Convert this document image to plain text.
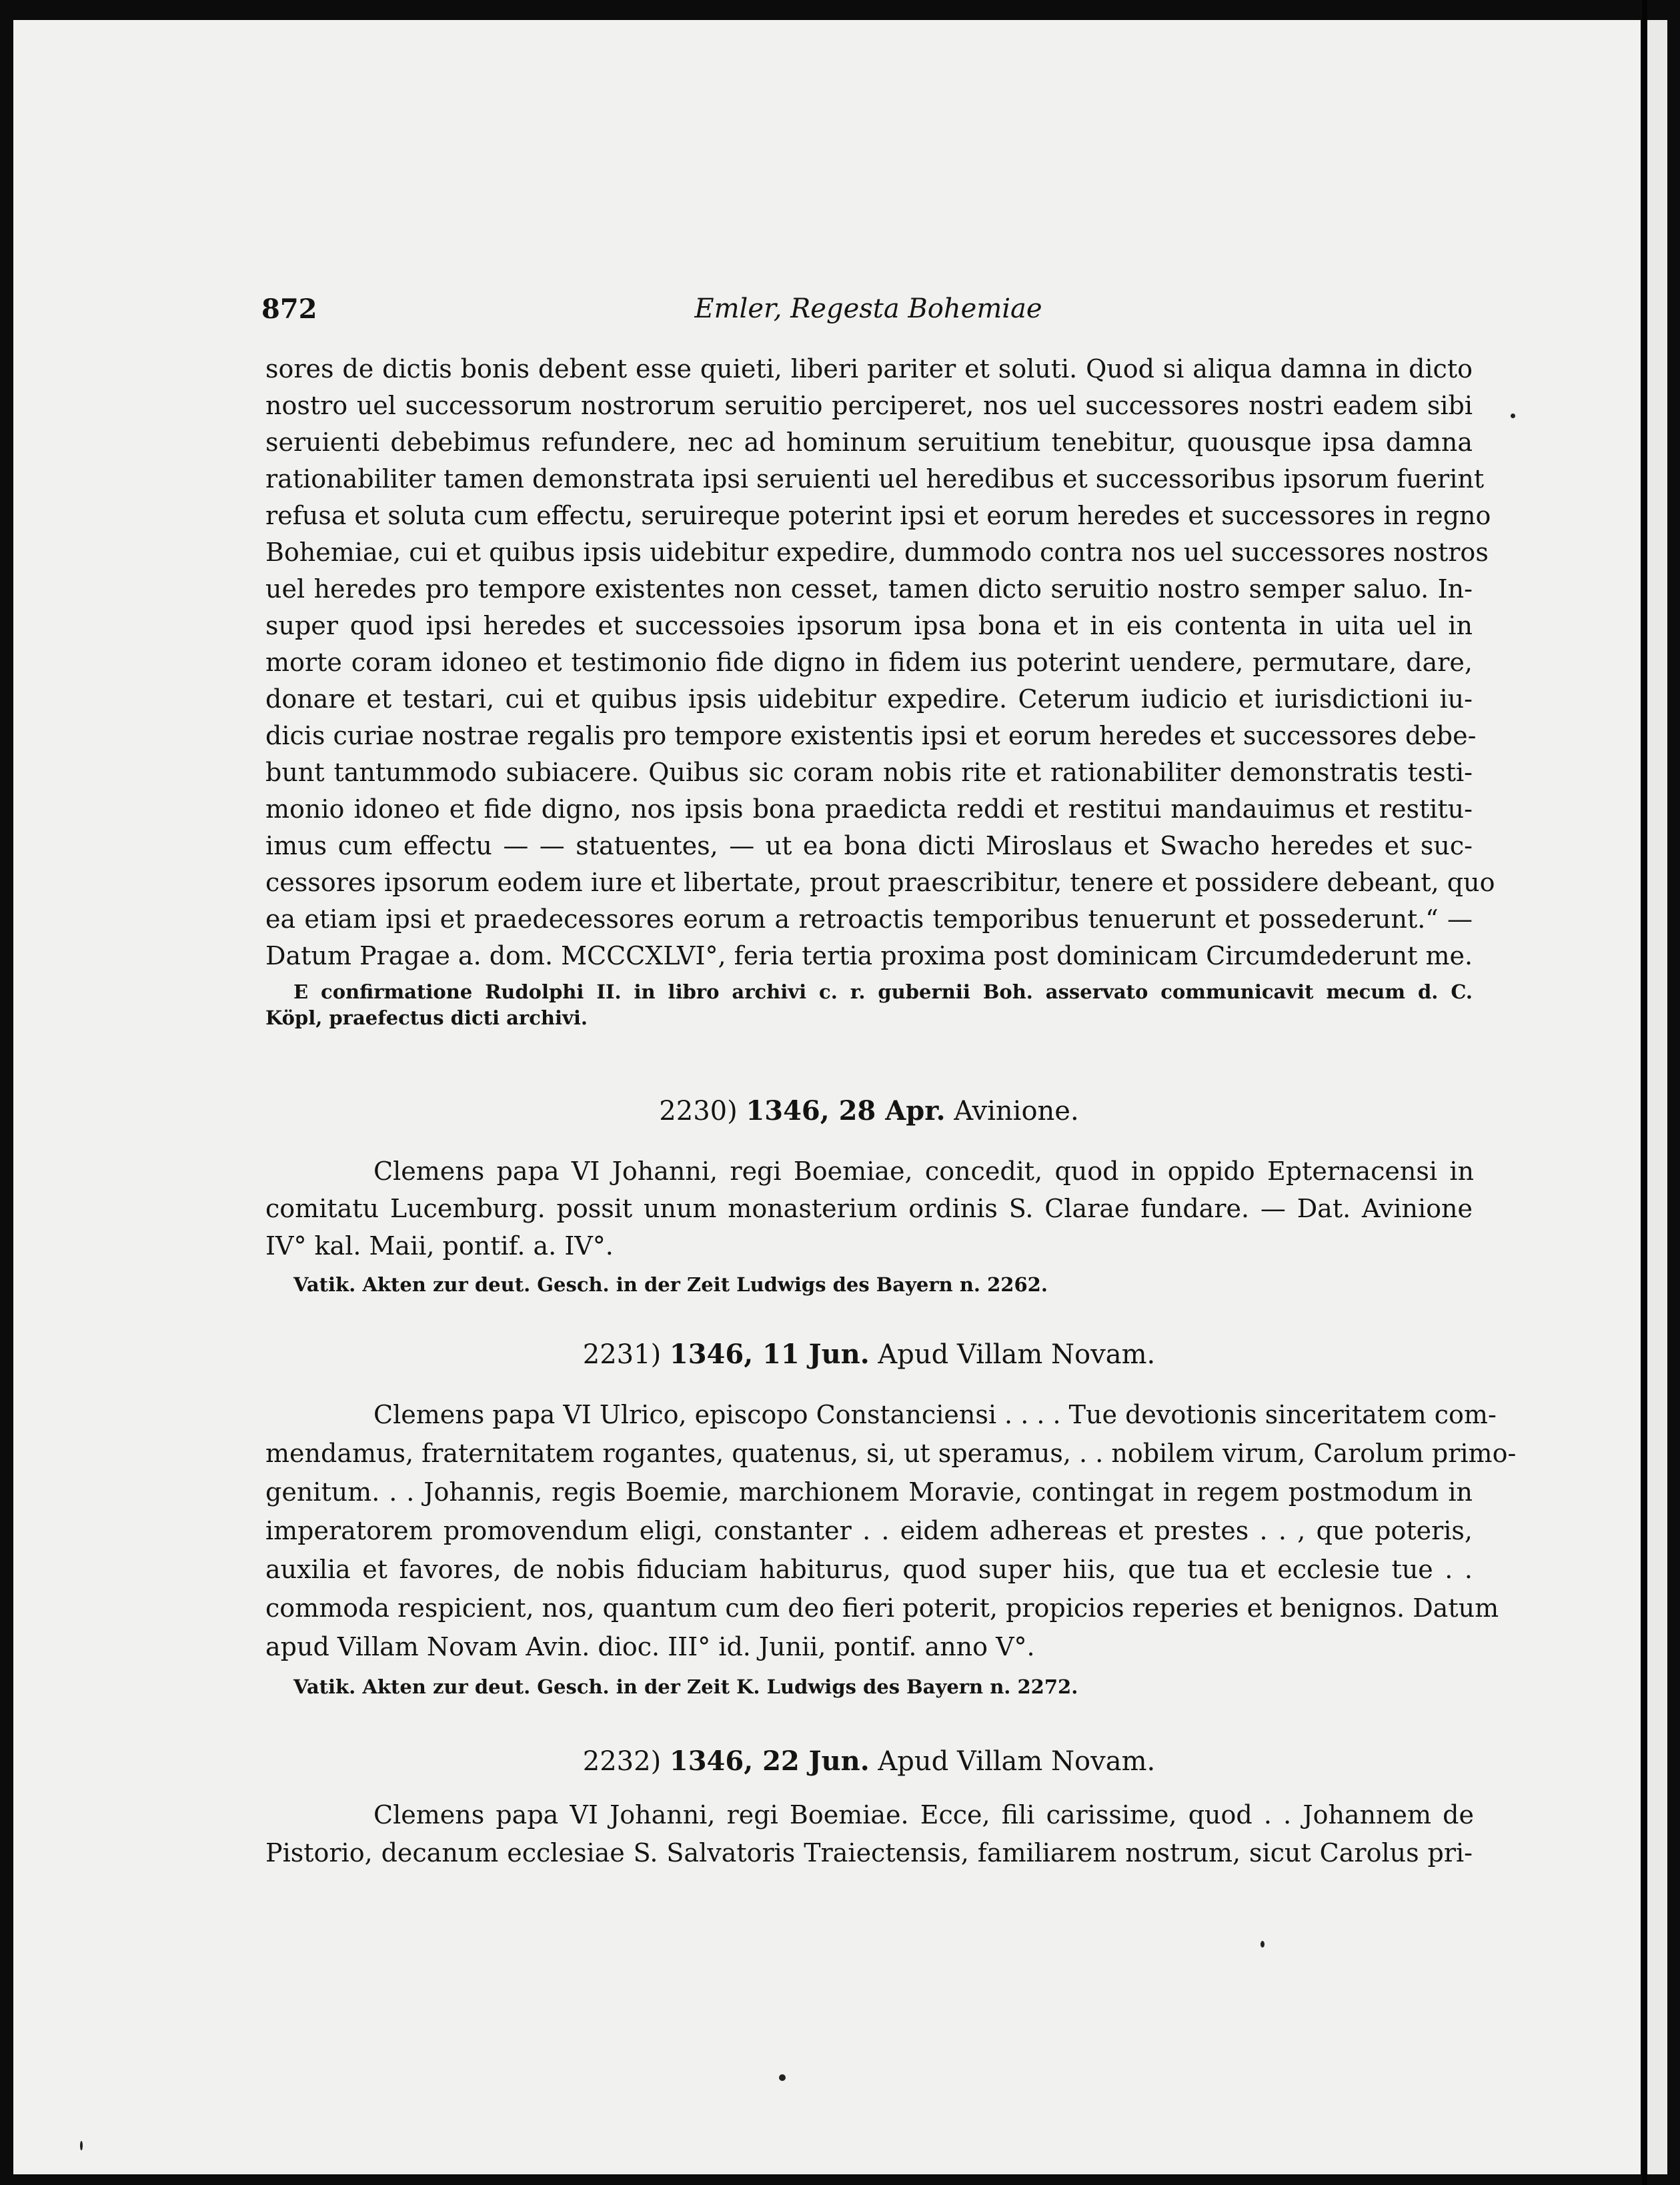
872	Emler, Regesta Bohemiae
sores de dictis bonis debent esse quieti, liberi pariter et soluti. Quod si aliqua damna in dicto
nostro uel successorum nostrorum seruitio perciperet, nos uel successores nostri eadem sibi
seruienti debebimus refundere, nec ad hominum seruitium tenebitur, quousque ipsa damna
rationabiliter tamen demonstrata ipsi seruienti uel heredibus et successoribus ipsorum fuerint
refusa et soluta cum effectu, seruireque poterint ipsi et eorum heredes et successores in regno
Bohemiae, cui et quibus ipsis uidebitur expedire, dummodo contra nos uel successores nostros
uel heredes pro tempore existentes non cesset, tamen dicto seruitio nostro semper saluo. In-
super quod ipsi heredes et successoies ipsorum ipsa bona et in eis contenta in uita uel in
morte coram idoneo et testimonio fide digno in fidem ius poterint uendere, permutare, dare,
donare et testari, cui et quibus ipsis uidebitur expedire. Ceterum iudicio et iurisdictioni iu-
dicis curiae nostrae regalis pro tempore existentis ipsi et eorum heredes et successores debe-
bunt tantummodo subiacere. Quibus sic coram nobis rite et rationabiliter demonstratis testi-
monio idoneo et fide digno, nos ipsis bona praedicta reddi et restitui mandauimus et restitu-
imus cum effectu — — statuentes, — ut ea bona dicti Miroslaus et Swacho heredes et suc-
cessores ipsorum eodem iure et libertate, prout praescribitur, tenere et possidere debeant, quo
ea etiam ipsi et praedecessores eorum a retroactis temporibus tenuerunt et possederunt.“ —
Datum Pragae a. dom. MCCCXLVI°, feria tertia proxima post dominicam Circumdederunt me.
E confirmatione Rudolphi II. in libro archivi c. r. gubernii Boh. asservato communicavit mecum d. C.
Köpl, praefectus dicti archivi.
2230) 1346, 28 Apr. Avinione.
Clemens papa VI Johanni, regi Boemiae, concedit, quod in oppido Epternacensi in
comitatu Lucemburg. possit unum monasterium ordinis S. Clarae fundare. — Dat. Avinione
IV° kal. Maii, pontif. a. IV°.
Vatik. Akten zur deut. Gesch. in der Zeit Ludwigs des Bayern n. 2262.
2231) 1346, 11 Jun. Apud Villam Novam.
Clemens papa VI Ulrico, episcopo Constanciensi . . . . Tue devotionis sinceritatem com-
mendamus, fraternitatem rogantes, quatenus, si, ut speramus, . . nobilem virum, Carolum primo-
genitum. . . Johannis, regis Boemie, marchionem Moravie, contingat in regem postmodum in
imperatorem promovendum eligi, constanter . . eidem adhereas et prestes . . , que poteris,
auxilia et favores, de nobis fiduciam habiturus, quod super hiis, que tua et ecclesie tue . .
commoda respicient, nos, quantum cum deo fieri poterit, propicios reperies et benignos. Datum
apud Villam Novam Avin. dioc. III° id. Junii, pontif. anno V°.
Vatik. Akten zur deut. Gesch. in der Zeit K. Ludwigs des Bayern n. 2272.
2232) 1346, 22 Jun. Apud Villam Novam.
Clemens papa VI Johanni, regi Boemiae. Ecce, fili carissime, quod . . Johannem de
Pistorio, decanum ecclesiae S. Salvatoris Traiectensis, familiarem nostrum, sicut Carolus pri-
